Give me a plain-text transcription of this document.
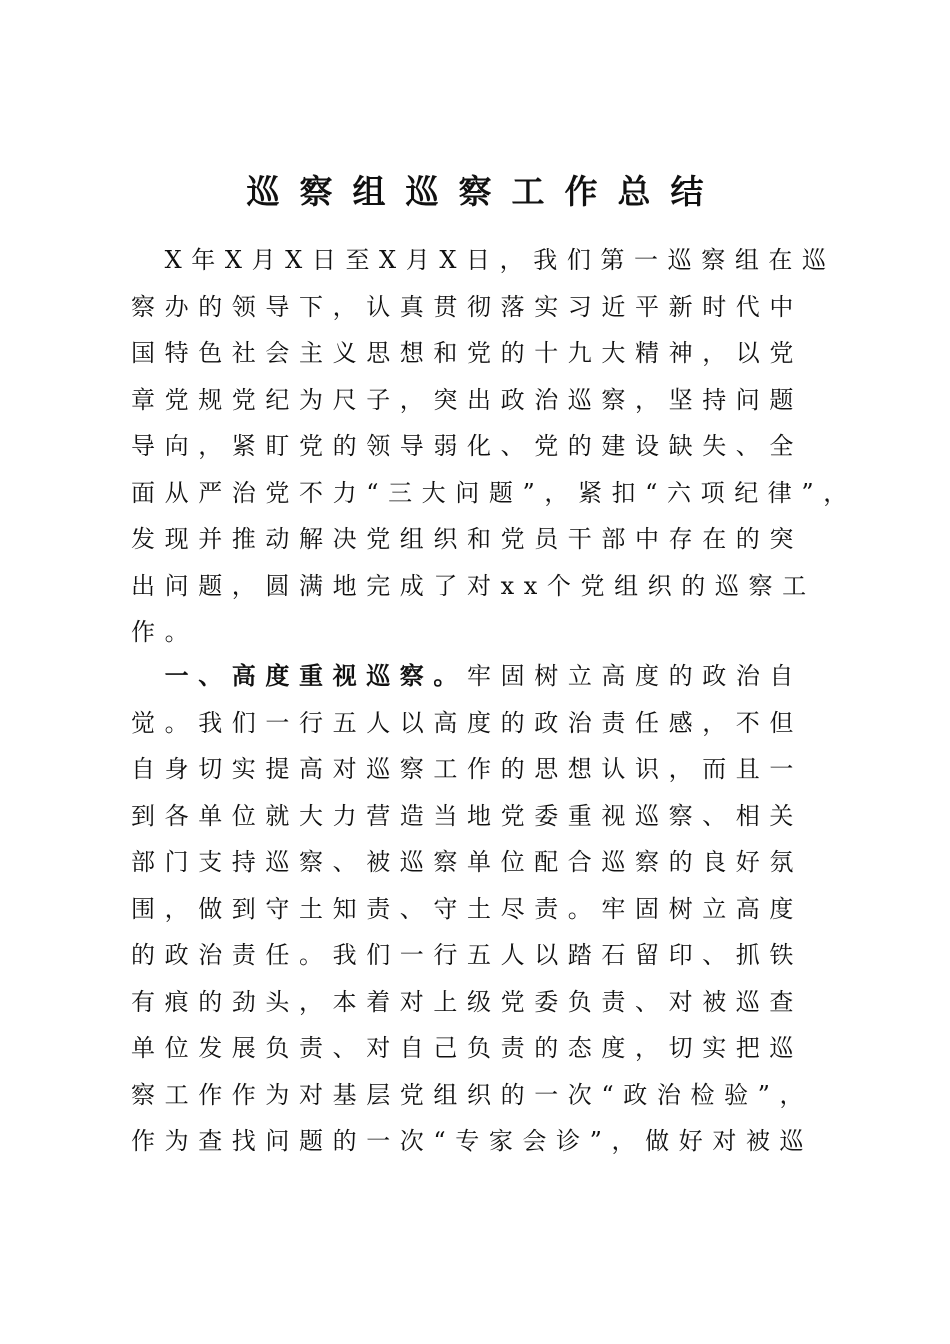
巡察组巡察工作总结
　X年X月X日至X月X日，我们第一巡察组在巡
察办的领导下，认真贯彻落实习近平新时代中
国特色社会主义思想和党的十九大精神，以党
章党规党纪为尺子，突出政治巡察，坚持问题
导向，紧盯党的领导弱化、党的建设缺失、全
面从严治党不力“三大问题”，紧扣“六项纪律”，
发现并推动解决党组织和党员干部中存在的突
出问题，圆满地完成了对xx个党组织的巡察工
作。
　一、高度重视巡察。牢固树立高度的政治自
觉。我们一行五人以高度的政治责任感，不但
自身切实提高对巡察工作的思想认识，而且一
到各单位就大力营造当地党委重视巡察、相关
部门支持巡察、被巡察单位配合巡察的良好氛
围，做到守土知责、守土尽责。牢固树立高度
的政治责任。我们一行五人以踏石留印、抓铁
有痕的劲头，本着对上级党委负责、对被巡查
单位发展负责、对自己负责的态度，切实把巡
察工作作为对基层党组织的一次“政治检验”，
作为查找问题的一次“专家会诊”，做好对被巡
